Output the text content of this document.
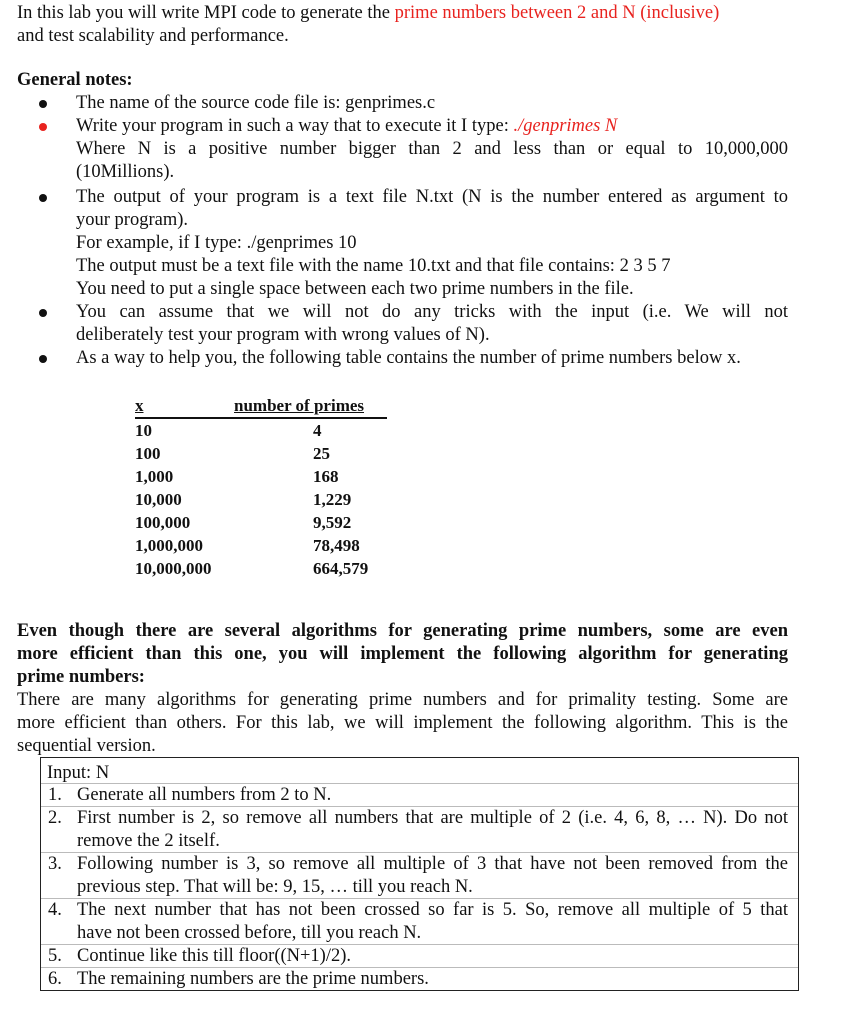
In this lab you will write MPI code to generate the prime numbers between 2 and N (inclusive)
and test scalability and performance.
General notes:
The name of the source code file is: genprimes.c
Write your program in such a way that to execute it I type: ./genprimes N
Where N is a positive number bigger than 2 and less than or equal to 10,000,000
(10Millions).
The output of your program is a text file N.txt (N is the number entered as argument to
your program).
For example, if I type: ./genprimes 10
The output must be a text file with the name 10.txt and that file contains: 2 3 5 7
You need to put a single space between each two prime numbers in the file.
You can assume that we will not do any tricks with the input (i.e. We will not
deliberately test your program with wrong values of N).
As a way to help you, the following table contains the number of prime numbers below x.
x	number of primes
10	4
100	25
1,000	168
10,000	1,229
100,000	9,592
1,000,000	78,498
10,000,000	664,579
Even though there are several algorithms for generating prime numbers, some are even
more efficient than this one, you will implement the following algorithm for generating
prime numbers:
There are many algorithms for generating prime numbers and for primality testing. Some are
more efficient than others. For this lab, we will implement the following algorithm. This is the
sequential version.
Input: N
1. Generate all numbers from 2 to N.
2. First number is 2, so remove all numbers that are multiple of 2 (i.e. 4, 6, 8, … N). Do not
remove the 2 itself.
3. Following number is 3, so remove all multiple of 3 that have not been removed from the
previous step. That will be: 9, 15, … till you reach N.
4. The next number that has not been crossed so far is 5. So, remove all multiple of 5 that
have not been crossed before, till you reach N.
5. Continue like this till floor((N+1)/2).
6. The remaining numbers are the prime numbers.
